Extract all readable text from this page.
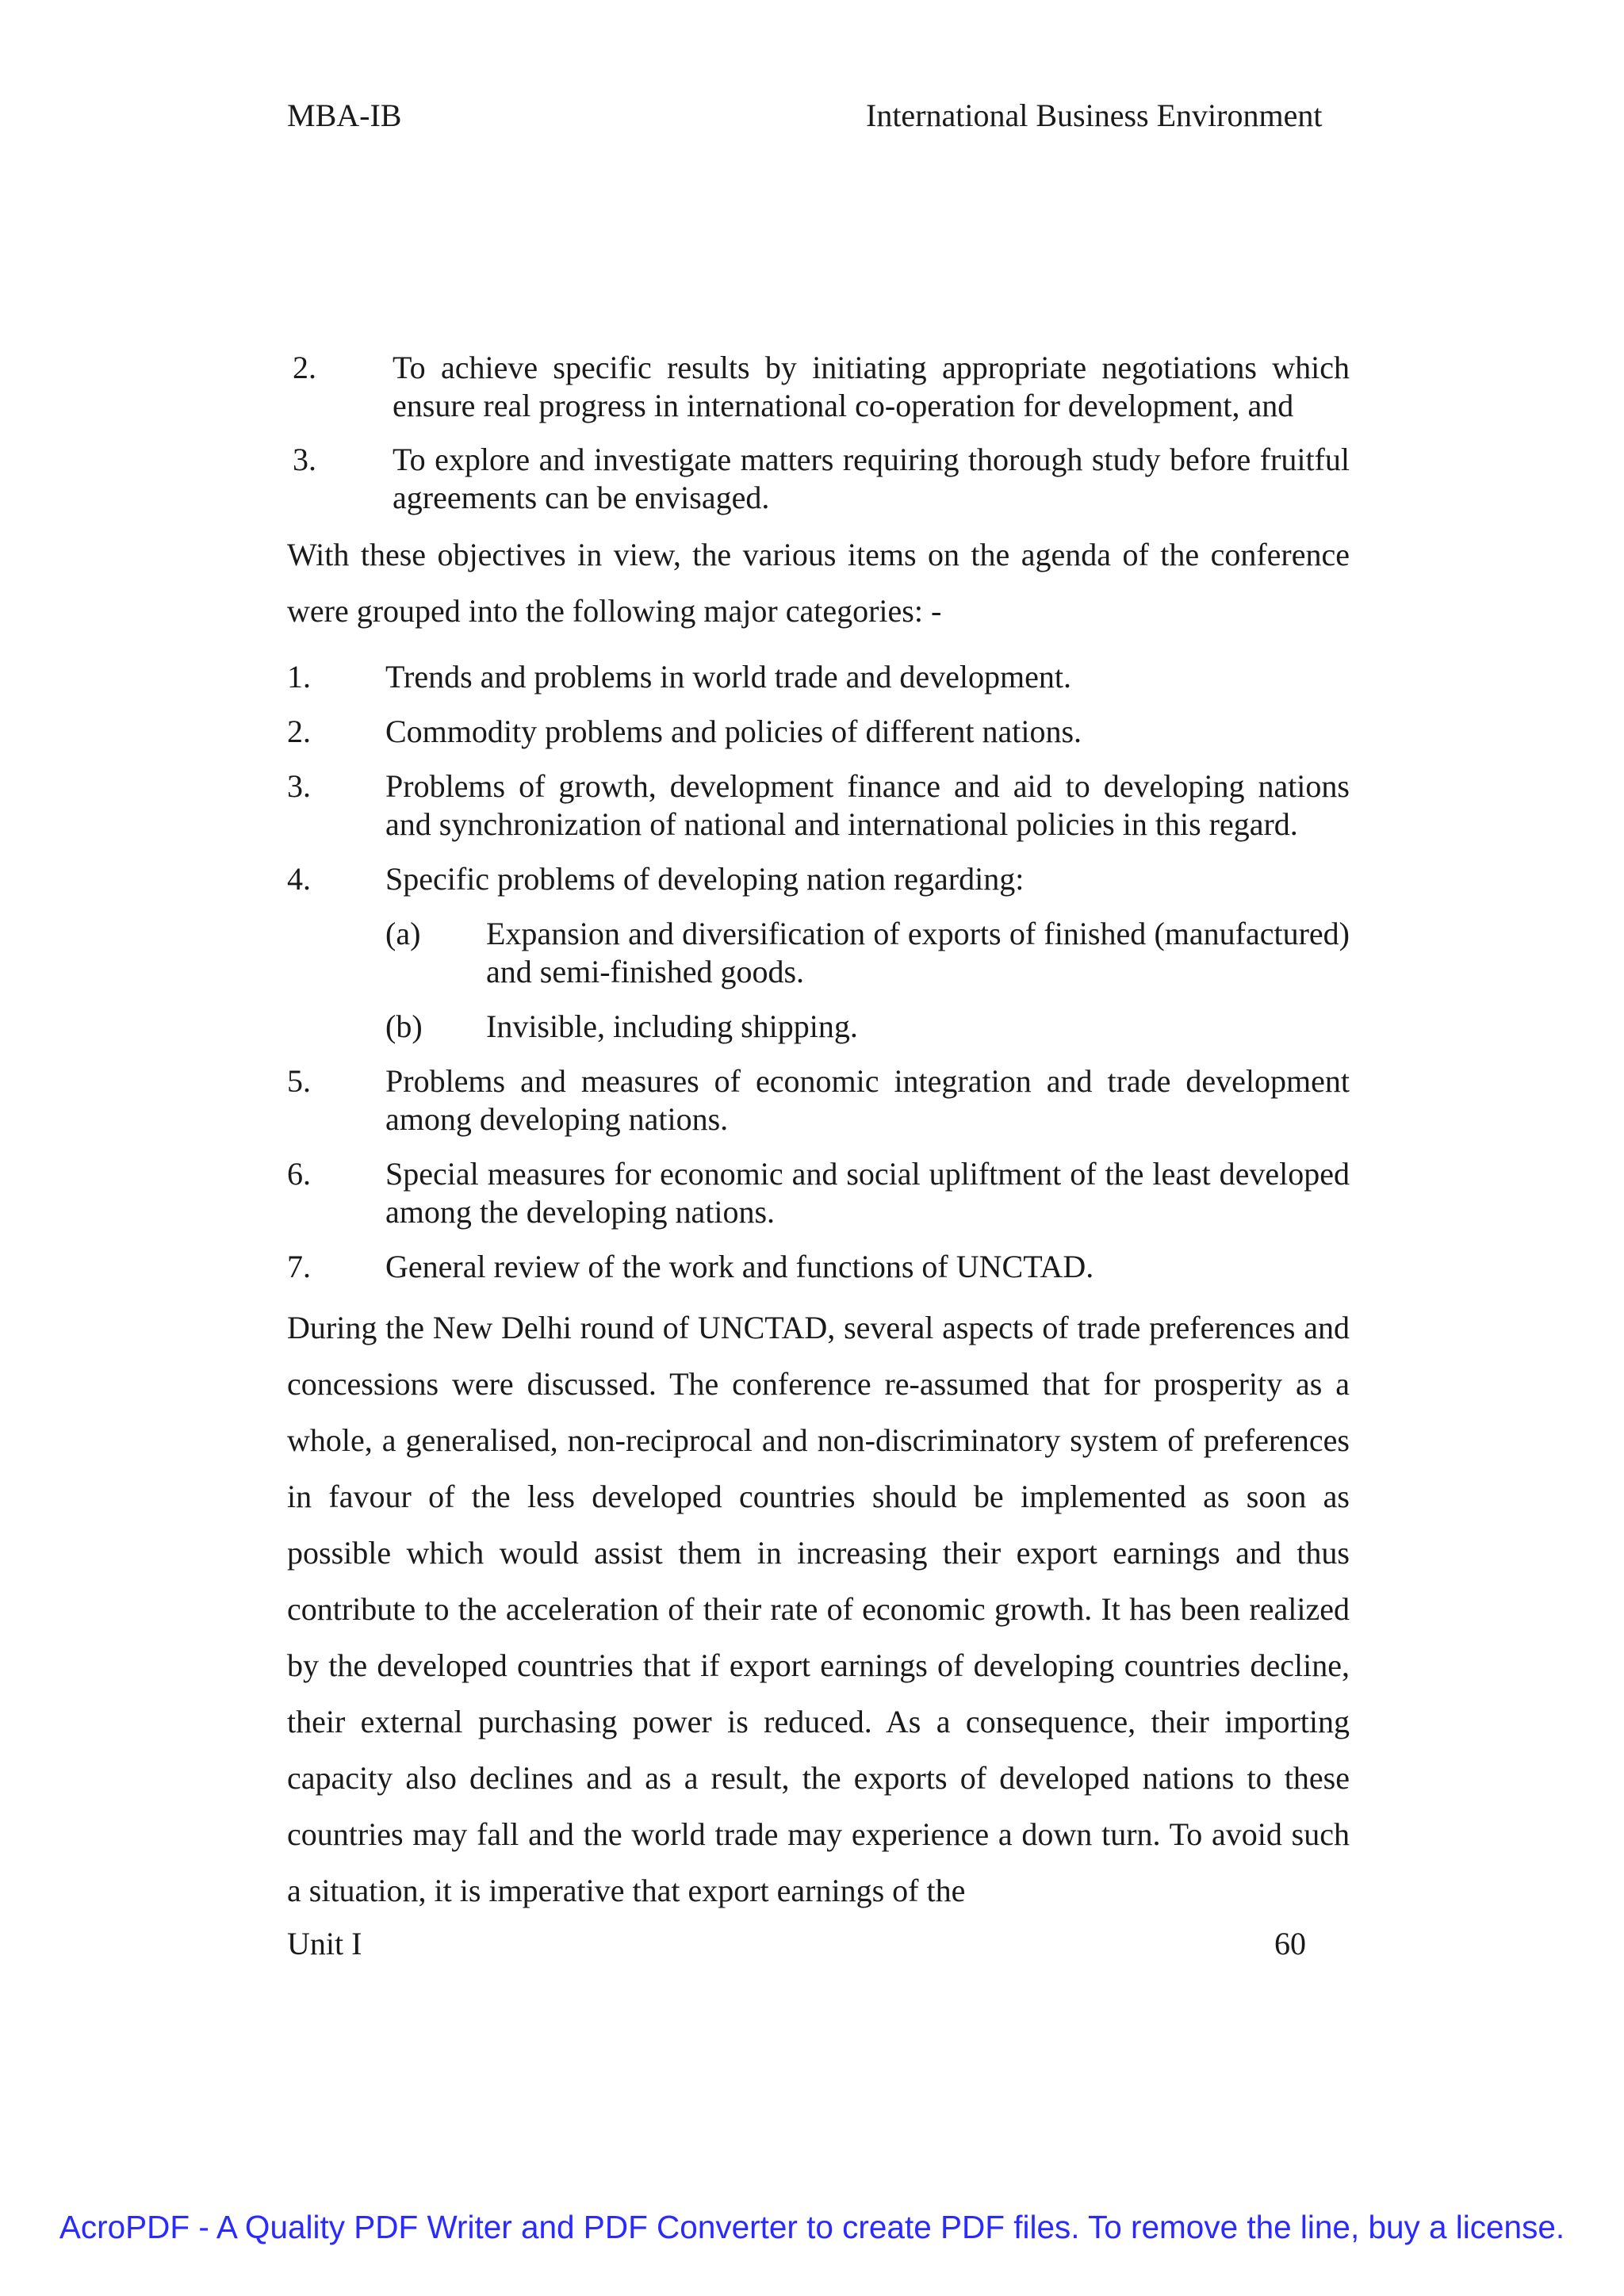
MBA-IB	International Business Environment
2. To achieve specific results by initiating appropriate negotiations which ensure real progress in international co-operation for development, and
3. To explore and investigate matters requiring thorough study before fruitful agreements can be envisaged.

With these objectives in view, the various items on the agenda of the conference were grouped into the following major categories: -

1. Trends and problems in world trade and development.
2. Commodity problems and policies of different nations.
3. Problems of growth, development finance and aid to developing nations and synchronization of national and international policies in this regard.
4. Specific problems of developing nation regarding:
(a) Expansion and diversification of exports of finished (manufactured) and semi-finished goods.
(b) Invisible, including shipping.
5. Problems and measures of economic integration and trade development among developing nations.
6. Special measures for economic and social upliftment of the least developed among the developing nations.
7. General review of the work and functions of UNCTAD.

During the New Delhi round of UNCTAD, several aspects of trade preferences and concessions were discussed. The conference re-assumed that for prosperity as a whole, a generalised, non-reciprocal and non-discriminatory system of preferences in favour of the less developed countries should be implemented as soon as possible which would assist them in increasing their export earnings and thus contribute to the acceleration of their rate of economic growth. It has been realized by the developed countries that if export earnings of developing countries decline, their external purchasing power is reduced. As a consequence, their importing capacity also declines and as a result, the exports of developed nations to these countries may fall and the world trade may experience a down turn. To avoid such a situation, it is imperative that export earnings of the

Unit I	60
AcroPDF - A Quality PDF Writer and PDF Converter to create PDF files. To remove the line, buy a license.
